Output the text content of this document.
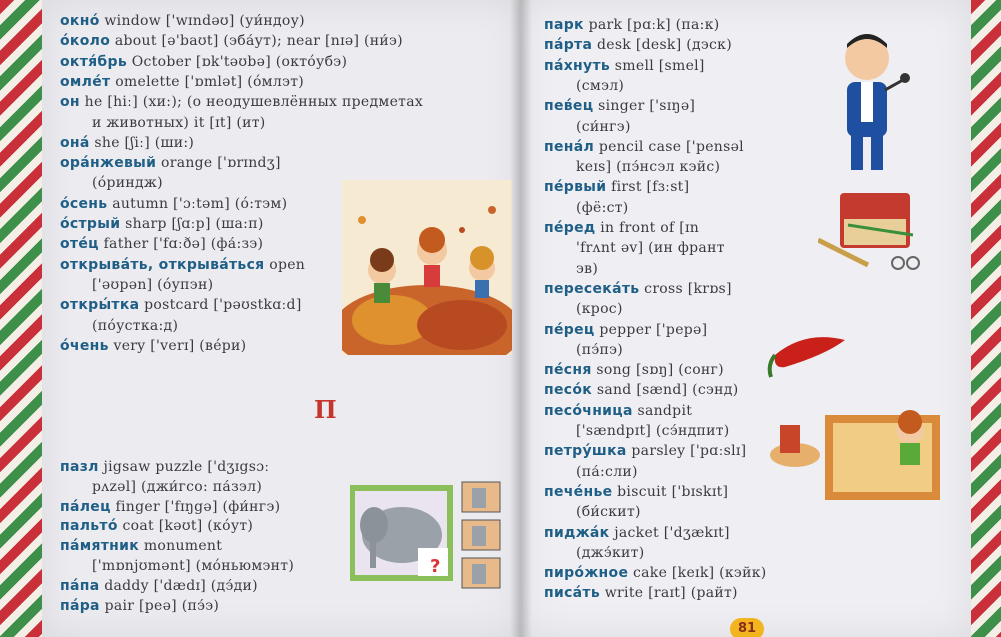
окно́ window ['wɪndəʊ] (уи́ндоу)
о́коло about [ə'baʊt] (эба́ут); near [nɪə] (ни́э)
октя́брь October [ɒk'təʊbə] (октóубэ)
омле́т omelette ['ɒmlət] (óмлэт)
он he [hiː] (хи:); (о неодушевлённых предметах
и животных) it [ɪt] (ит)
она́ she [ʃiː] (ши:)
ора́нжевый orange ['ɒrɪndʒ]
(óриндж)
о́сень autumn ['ɔːtəm] (ó:тэм)
о́стрый sharp [ʃɑːp] (ша:п)
оте́ц father ['fɑːðə] (фа́:зэ)
открыва́ть, открыва́ться open
['əʊpən] (óупэн)
откры́тка postcard ['pəʊstkɑːd]
(пóустка:д)
о́чень very ['verɪ] (вéри)
П
пазл jigsaw puzzle ['dʒɪgsɔː
pʌzəl] (джи́гсо: па́зэл)
па́лец finger ['fɪŋgə] (фи́нгэ)
пальто́ coat [kəʊt] (кóут)
па́мятник monument
['mɒnjʊmənt] (мóньюмэнт)
па́па daddy ['dædɪ] (дэ́ди)
па́ра pair [peə] (пэ́э)
?
парк park [pɑːk] (па:к)
па́рта desk [desk] (дэск)
па́хнуть smell [smel]
(смэл)
пев́ец singer ['sɪŋə]
(си́нгэ)
пена́л pencil case ['pensəl
keɪs] (пэ́нсэл кэйс)
пе́рвый first [fɜːst]
(фё:ст)
пе́ред in front of [ɪn
'frʌnt əv] (ин франт
эв)
пересека́ть cross [krɒs]
(крос)
пе́рец pepper ['pepə]
(пэ́пэ)
пе́сня song [sɒŋ] (сонг)
песо́к sand [sænd] (сэнд)
песо́чница sandpit
['sændpɪt] (сэ́ндпит)
петру́шка parsley ['pɑːslɪ]
(па́:сли)
пече́нье biscuit ['bɪskɪt]
(би́скит)
пиджа́к jacket ['dʒækɪt]
(джэ́кит)
пиро́жное cake [keɪk] (кэйк)
писа́ть write [raɪt] (райт)
81
